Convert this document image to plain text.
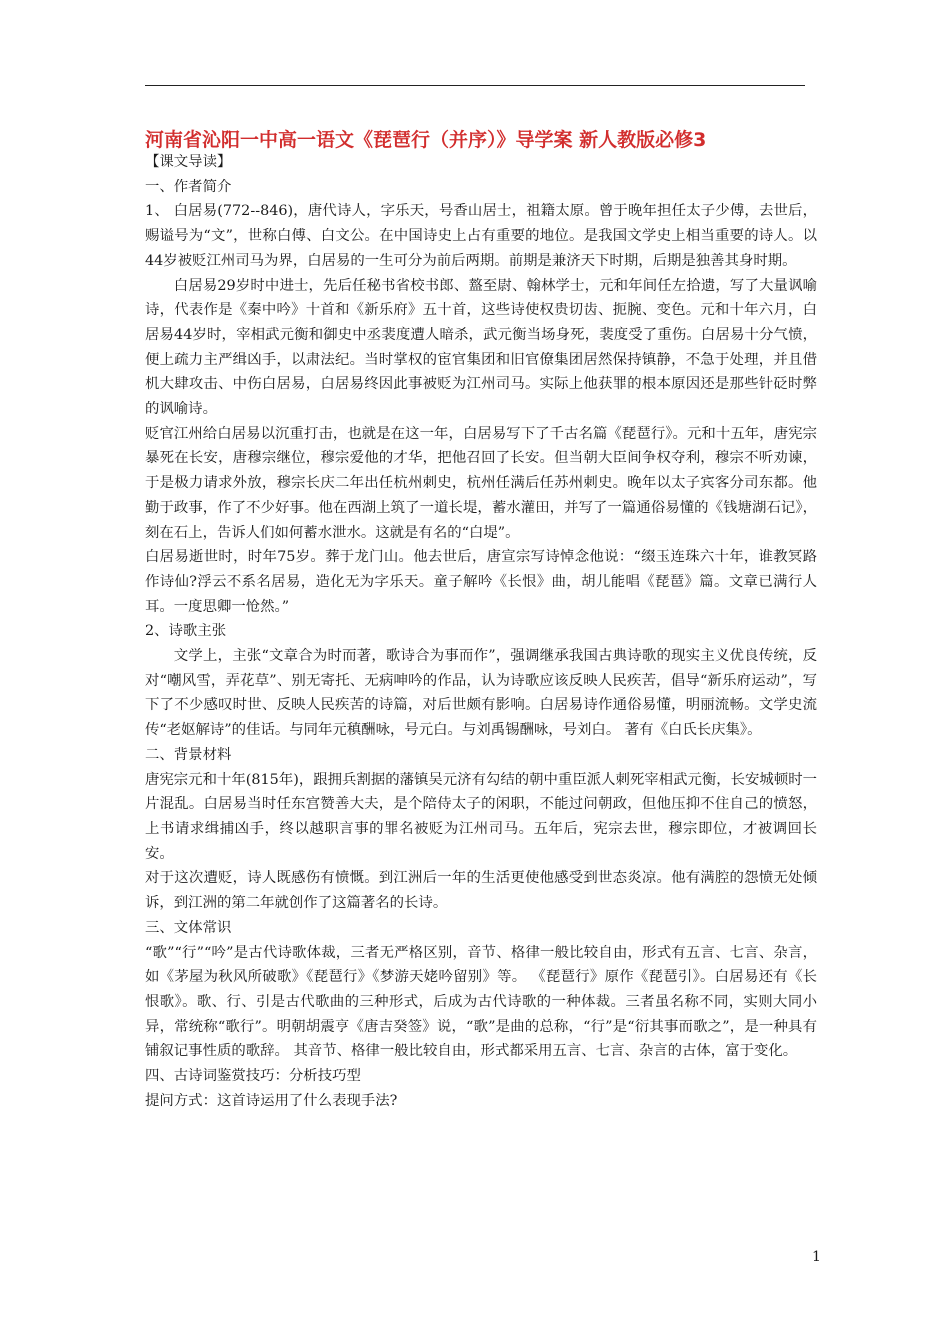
河南省沁阳一中高一语文《琵琶行（并序）》导学案 新人教版必修3

【课文导读】

一、作者简介

1、 白居易(772--846)，唐代诗人，字乐天，号香山居士，祖籍太原。曾于晚年担任太子少傅，去世后，赐谥号为“文”，世称白傅、白文公。在中国诗史上占有重要的地位。是我国文学史上相当重要的诗人。以44岁被贬江州司马为界，白居易的一生可分为前后两期。前期是兼济天下时期，后期是独善其身时期。

白居易29岁时中进士，先后任秘书省校书郎、盩至尉、翰林学士，元和年间任左拾遗，写了大量讽喻诗，代表作是《秦中吟》十首和《新乐府》五十首，这些诗使权贵切齿、扼腕、变色。元和十年六月，白居易44岁时，宰相武元衡和御史中丞裴度遭人暗杀，武元衡当场身死，裴度受了重伤。白居易十分气愤，便上疏力主严缉凶手，以肃法纪。当时掌权的宦官集团和旧官僚集团居然保持镇静，不急于处理，并且借机大肆攻击、中伤白居易，白居易终因此事被贬为江州司马。实际上他获罪的根本原因还是那些针砭时弊的讽喻诗。

贬官江州给白居易以沉重打击，也就是在这一年，白居易写下了千古名篇《琵琶行》。元和十五年，唐宪宗暴死在长安，唐穆宗继位，穆宗爱他的才华，把他召回了长安。但当朝大臣间争权夺利，穆宗不听劝谏，于是极力请求外放，穆宗长庆二年出任杭州刺史，杭州任满后任苏州刺史。晚年以太子宾客分司东都。他勤于政事，作了不少好事。他在西湖上筑了一道长堤，蓄水灌田，并写了一篇通俗易懂的《钱塘湖石记》，刻在石上，告诉人们如何蓄水泄水。这就是有名的“白堤”。

白居易逝世时，时年75岁。葬于龙门山。他去世后，唐宣宗写诗悼念他说：“缀玉连珠六十年，谁教冥路作诗仙?浮云不系名居易，造化无为字乐天。童子解吟《长恨》曲，胡儿能唱《琵琶》篇。文章已满行人耳。一度思卿一怆然。”

2、诗歌主张

文学上，主张“文章合为时而著，歌诗合为事而作”，强调继承我国古典诗歌的现实主义优良传统，反对“嘲风雪，弄花草”、别无寄托、无病呻吟的作品，认为诗歌应该反映人民疾苦，倡导“新乐府运动”，写下了不少感叹时世、反映人民疾苦的诗篇，对后世颇有影响。白居易诗作通俗易懂，明丽流畅。文学史流传“老妪解诗”的佳话。与同年元稹酬咏，号元白。与刘禹锡酬咏，号刘白。 著有《白氏长庆集》。

二、背景材料

唐宪宗元和十年(815年)，跟拥兵割据的藩镇吴元济有勾结的朝中重臣派人刺死宰相武元衡，长安城顿时一片混乱。白居易当时任东宫赞善大夫，是个陪侍太子的闲职，不能过问朝政，但他压抑不住自己的愤怒，上书请求缉捕凶手，终以越职言事的罪名被贬为江州司马。五年后，宪宗去世，穆宗即位，才被调回长安。

对于这次遭贬，诗人既感伤有愤慨。到江洲后一年的生活更使他感受到世态炎凉。他有满腔的怨愤无处倾诉，到江洲的第二年就创作了这篇著名的长诗。

三、文体常识

“歌”“行”“吟”是古代诗歌体裁，三者无严格区别，音节、格律一般比较自由，形式有五言、七言、杂言，如《茅屋为秋风所破歌》《琵琶行》《梦游天姥吟留别》等。 《琵琶行》原作《琵琶引》。白居易还有《长恨歌》。歌、行、引是古代歌曲的三种形式，后成为古代诗歌的一种体裁。三者虽名称不同，实则大同小异，常统称“歌行”。明朝胡震亨《唐吉癸签》说，“歌”是曲的总称，“行”是“衍其事而歌之”，是一种具有铺叙记事性质的歌辞。 其音节、格律一般比较自由，形式都采用五言、七言、杂言的古体，富于变化。

四、古诗词鉴赏技巧：分析技巧型

提问方式：这首诗运用了什么表现手法?

1
